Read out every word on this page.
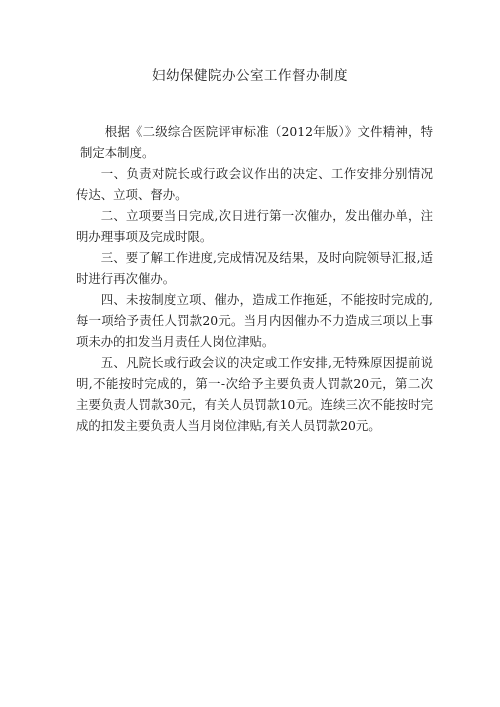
妇幼保健院办公室工作督办制度

根据《二级综合医院评审标准（2012年版）》文件精神，特制定本制度。

一、负责对院长或行政会议作出的决定、工作安排分别情况传达、立项、督办。

二、立项要当日完成,次日进行第一次催办，发出催办单，注明办理事项及完成时限。

三、要了解工作进度,完成情况及结果，及时向院领导汇报,适时进行再次催办。

四、未按制度立项、催办，造成工作拖延，不能按时完成的,每一项给予责任人罚款20元。当月内因催办不力造成三项以上事项未办的扣发当月责任人岗位津贴。

五、凡院长或行政会议的决定或工作安排,无特殊原因提前说明,不能按时完成的，第一-次给予主要负责人罚款20元，第二次主要负责人罚款30元，有关人员罚款10元。连续三次不能按时完成的扣发主要负责人当月岗位津贴,有关人员罚款20元。
